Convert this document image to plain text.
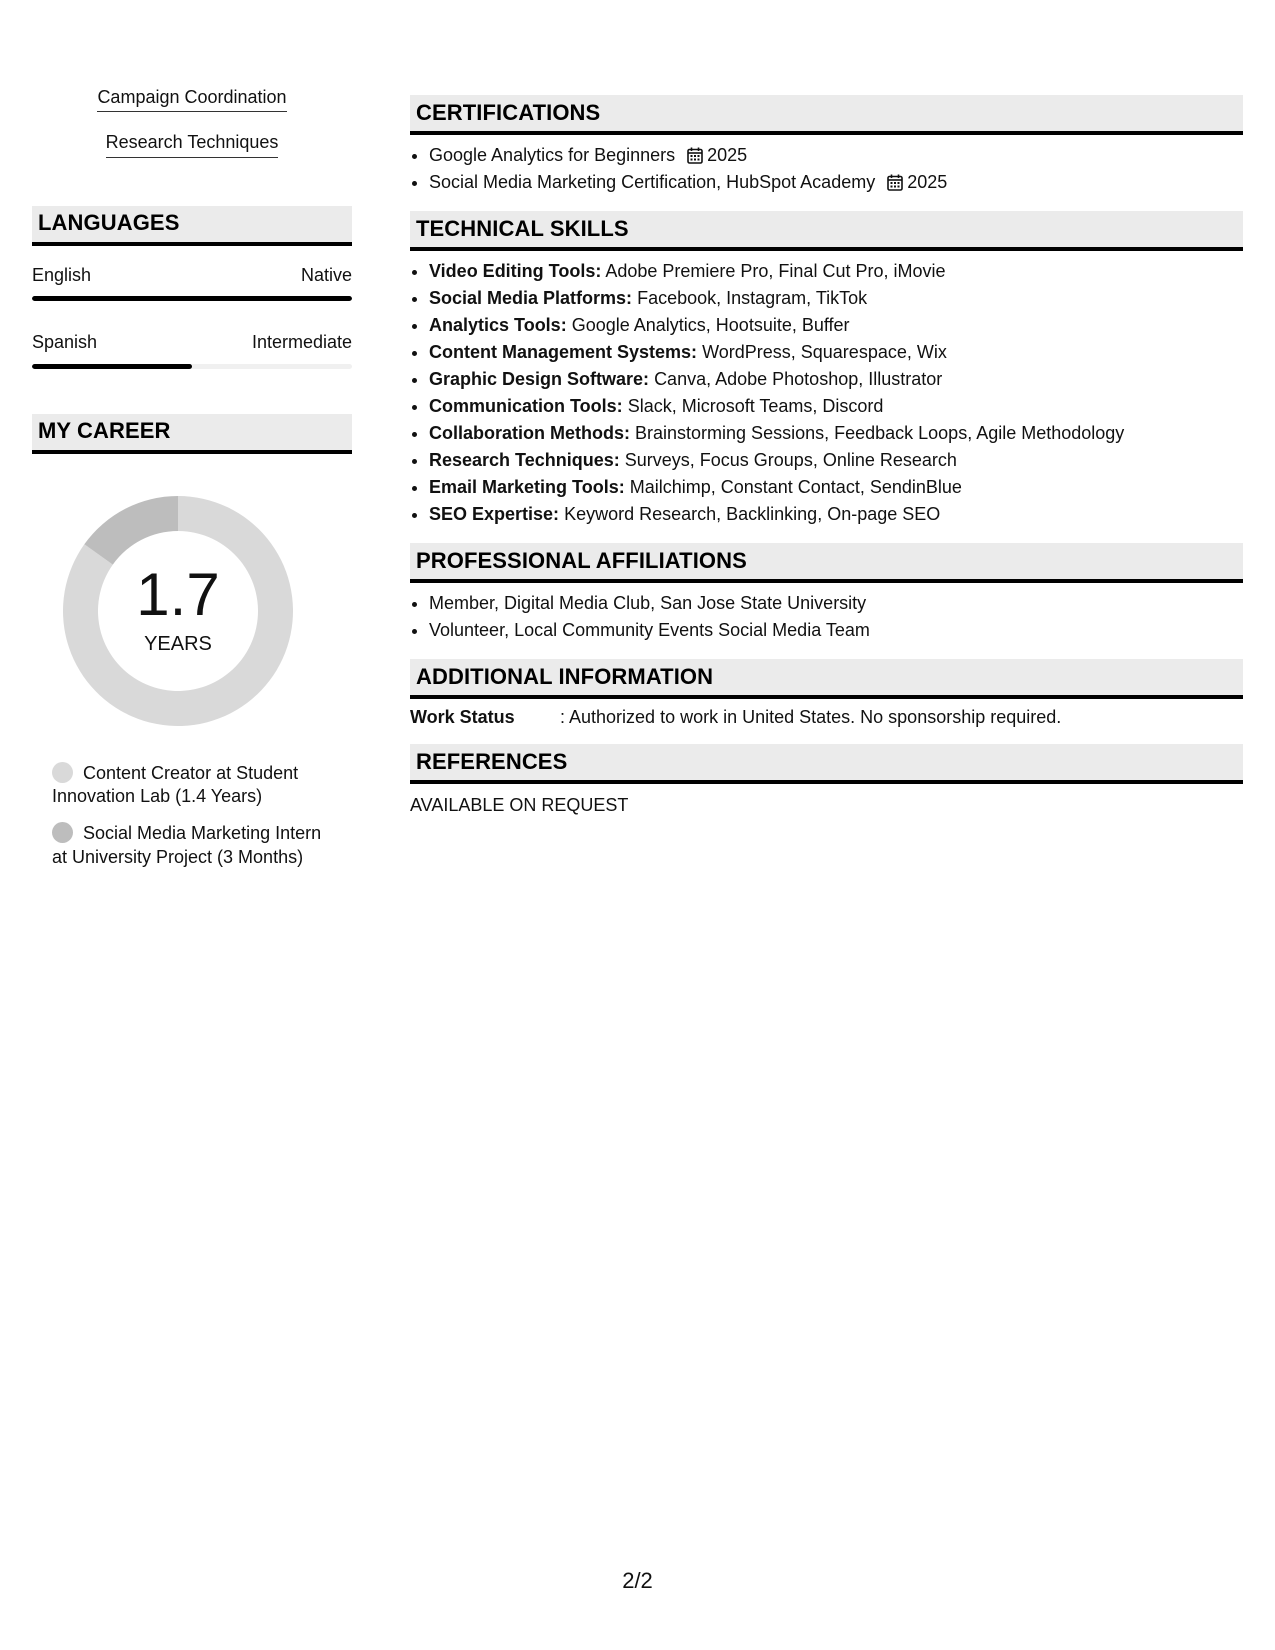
Campaign Coordination
Research Techniques
LANGUAGES
English	Native
Spanish	Intermediate
MY CAREER
1.7
YEARS
Content Creator at Student Innovation Lab (1.4 Years)
Social Media Marketing Intern at University Project (3 Months)
CERTIFICATIONS
• Google Analytics for Beginners 2025
• Social Media Marketing Certification, HubSpot Academy 2025
TECHNICAL SKILLS
• Video Editing Tools: Adobe Premiere Pro, Final Cut Pro, iMovie
• Social Media Platforms: Facebook, Instagram, TikTok
• Analytics Tools: Google Analytics, Hootsuite, Buffer
• Content Management Systems: WordPress, Squarespace, Wix
• Graphic Design Software: Canva, Adobe Photoshop, Illustrator
• Communication Tools: Slack, Microsoft Teams, Discord
• Collaboration Methods: Brainstorming Sessions, Feedback Loops, Agile Methodology
• Research Techniques: Surveys, Focus Groups, Online Research
• Email Marketing Tools: Mailchimp, Constant Contact, SendinBlue
• SEO Expertise: Keyword Research, Backlinking, On-page SEO
PROFESSIONAL AFFILIATIONS
• Member, Digital Media Club, San Jose State University
• Volunteer, Local Community Events Social Media Team
ADDITIONAL INFORMATION
Work Status	: Authorized to work in United States. No sponsorship required.
REFERENCES
AVAILABLE ON REQUEST
2/2
